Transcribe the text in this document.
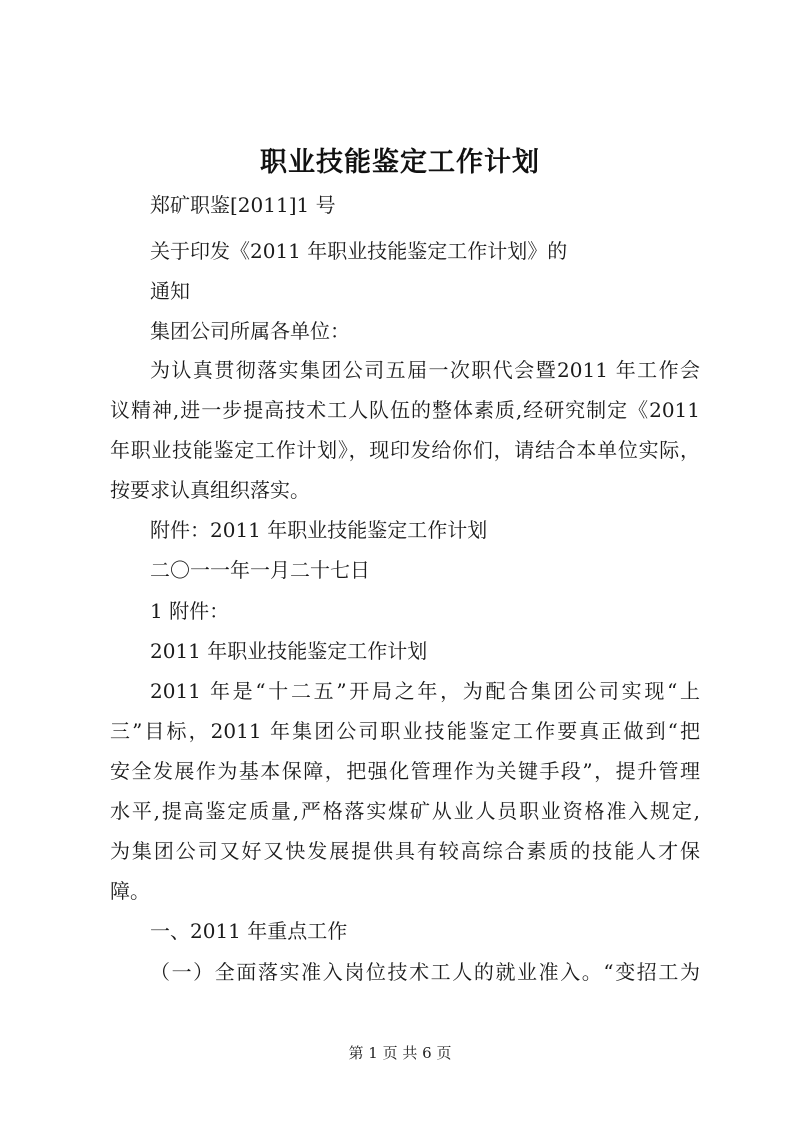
职业技能鉴定工作计划
郑矿职鉴[2011]1 号
关于印发《2011 年职业技能鉴定工作计划》的
通知
集团公司所属各单位：
为认真贯彻落实集团公司五届一次职代会暨2011 年工作会
议精神,进一步提高技术工人队伍的整体素质,经研究制定《2011
年职业技能鉴定工作计划》，现印发给你们，请结合本单位实际，
按要求认真组织落实。
附件：2011 年职业技能鉴定工作计划
二〇一一年一月二十七日
1 附件：
2011 年职业技能鉴定工作计划
2011 年是“十二五”开局之年，为配合集团公司实现“上
三”目标，2011 年集团公司职业技能鉴定工作要真正做到“把
安全发展作为基本保障，把强化管理作为关键手段”，提升管理
水平,提高鉴定质量,严格落实煤矿从业人员职业资格准入规定,
为集团公司又好又快发展提供具有较高综合素质的技能人才保
障。
一、2011 年重点工作
（一）全面落实准入岗位技术工人的就业准入。“变招工为
第 1 页 共 6 页
